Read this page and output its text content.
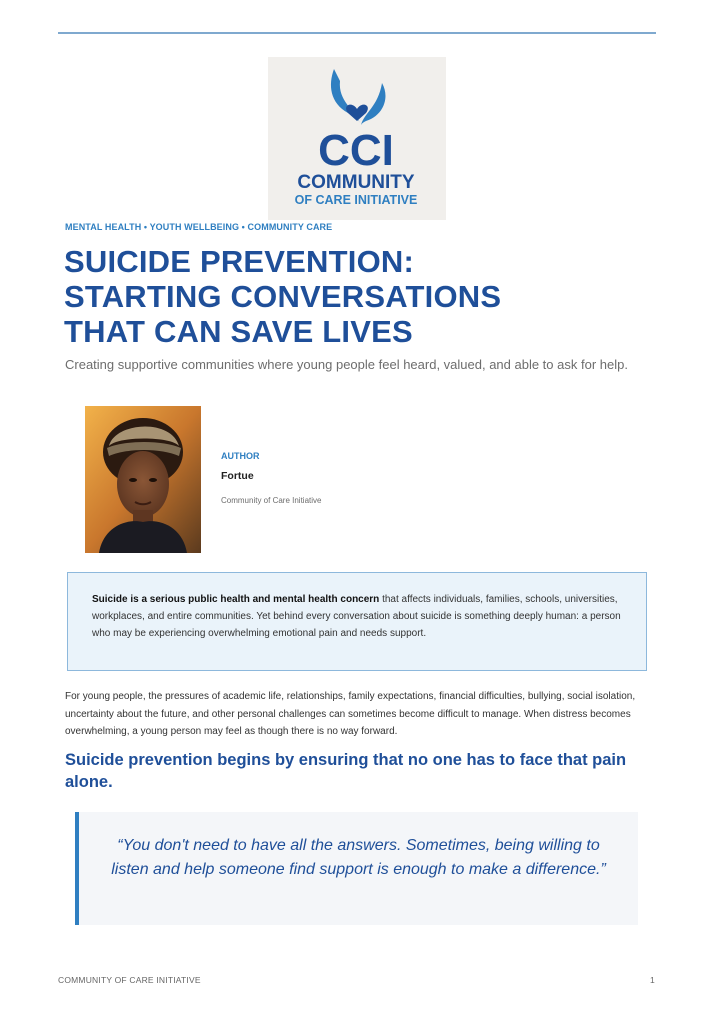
CCI
COMMUNITY
OF CARE INITIATIVE
MENTAL HEALTH • YOUTH WELLBEING • COMMUNITY CARE
SUICIDE PREVENTION:
STARTING CONVERSATIONS
THAT CAN SAVE LIVES

Creating supportive communities where young people feel heard, valued, and able to ask for help.

AUTHOR
Fortue
Community of Care Initiative
Suicide is a serious public health and mental health concern that affects individuals, families, schools, universities, workplaces, and entire communities. Yet behind every conversation about suicide is something deeply human: a person who may be experiencing overwhelming emotional pain and needs support.

For young people, the pressures of academic life, relationships, family expectations, financial difficulties, bullying, social isolation, uncertainty about the future, and other personal challenges can sometimes become difficult to manage. When distress becomes overwhelming, a young person may feel as though there is no way forward.

Suicide prevention begins by ensuring that no one has to face that pain alone.

“You don't need to have all the answers. Sometimes, being willing to listen and help someone find support is enough to make a difference.”

COMMUNITY OF CARE INITIATIVE	1
